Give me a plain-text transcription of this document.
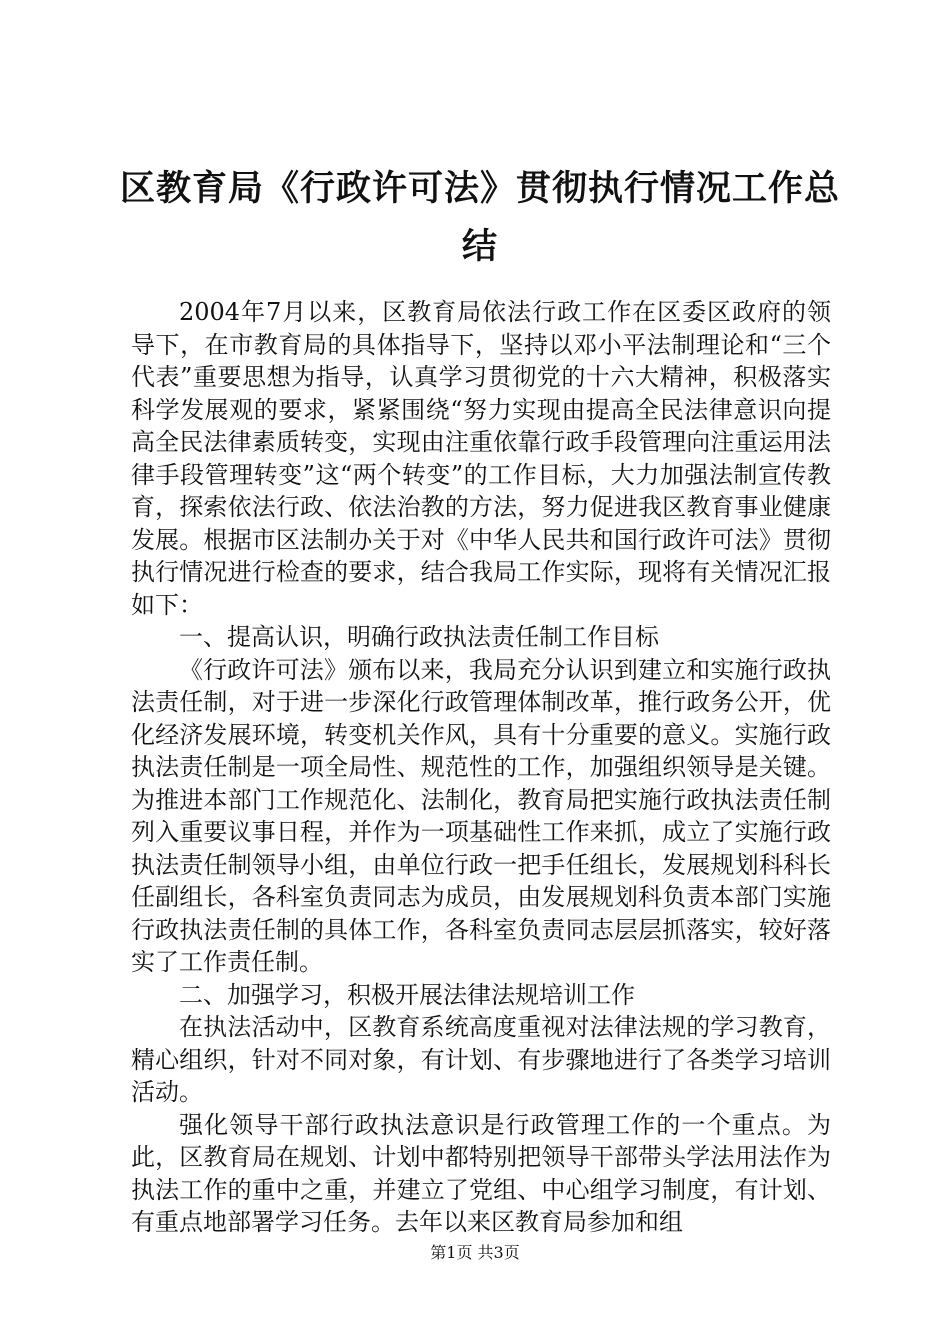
区教育局《行政许可法》贯彻执行情况工作总结

2004年7月以来，区教育局依法行政工作在区委区政府的领导下，在市教育局的具体指导下，坚持以邓小平法制理论和“三个代表”重要思想为指导，认真学习贯彻党的十六大精神，积极落实科学发展观的要求，紧紧围绕“努力实现由提高全民法律意识向提高全民法律素质转变，实现由注重依靠行政手段管理向注重运用法律手段管理转变”这“两个转变”的工作目标，大力加强法制宣传教育，探索依法行政、依法治教的方法，努力促进我区教育事业健康发展。根据市区法制办关于对《中华人民共和国行政许可法》贯彻执行情况进行检查的要求，结合我局工作实际，现将有关情况汇报如下：

一、提高认识，明确行政执法责任制工作目标

《行政许可法》颁布以来，我局充分认识到建立和实施行政执法责任制，对于进一步深化行政管理体制改革，推行政务公开，优化经济发展环境，转变机关作风，具有十分重要的意义。实施行政执法责任制是一项全局性、规范性的工作，加强组织领导是关键。为推进本部门工作规范化、法制化，教育局把实施行政执法责任制列入重要议事日程，并作为一项基础性工作来抓，成立了实施行政执法责任制领导小组，由单位行政一把手任组长，发展规划科科长任副组长，各科室负责同志为成员，由发展规划科负责本部门实施行政执法责任制的具体工作，各科室负责同志层层抓落实，较好落实了工作责任制。

二、加强学习，积极开展法律法规培训工作

在执法活动中，区教育系统高度重视对法律法规的学习教育，精心组织，针对不同对象，有计划、有步骤地进行了各类学习培训活动。

强化领导干部行政执法意识是行政管理工作的一个重点。为此，区教育局在规划、计划中都特别把领导干部带头学法用法作为执法工作的重中之重，并建立了党组、中心组学习制度，有计划、有重点地部署学习任务。去年以来区教育局参加和组

第1页 共3页
